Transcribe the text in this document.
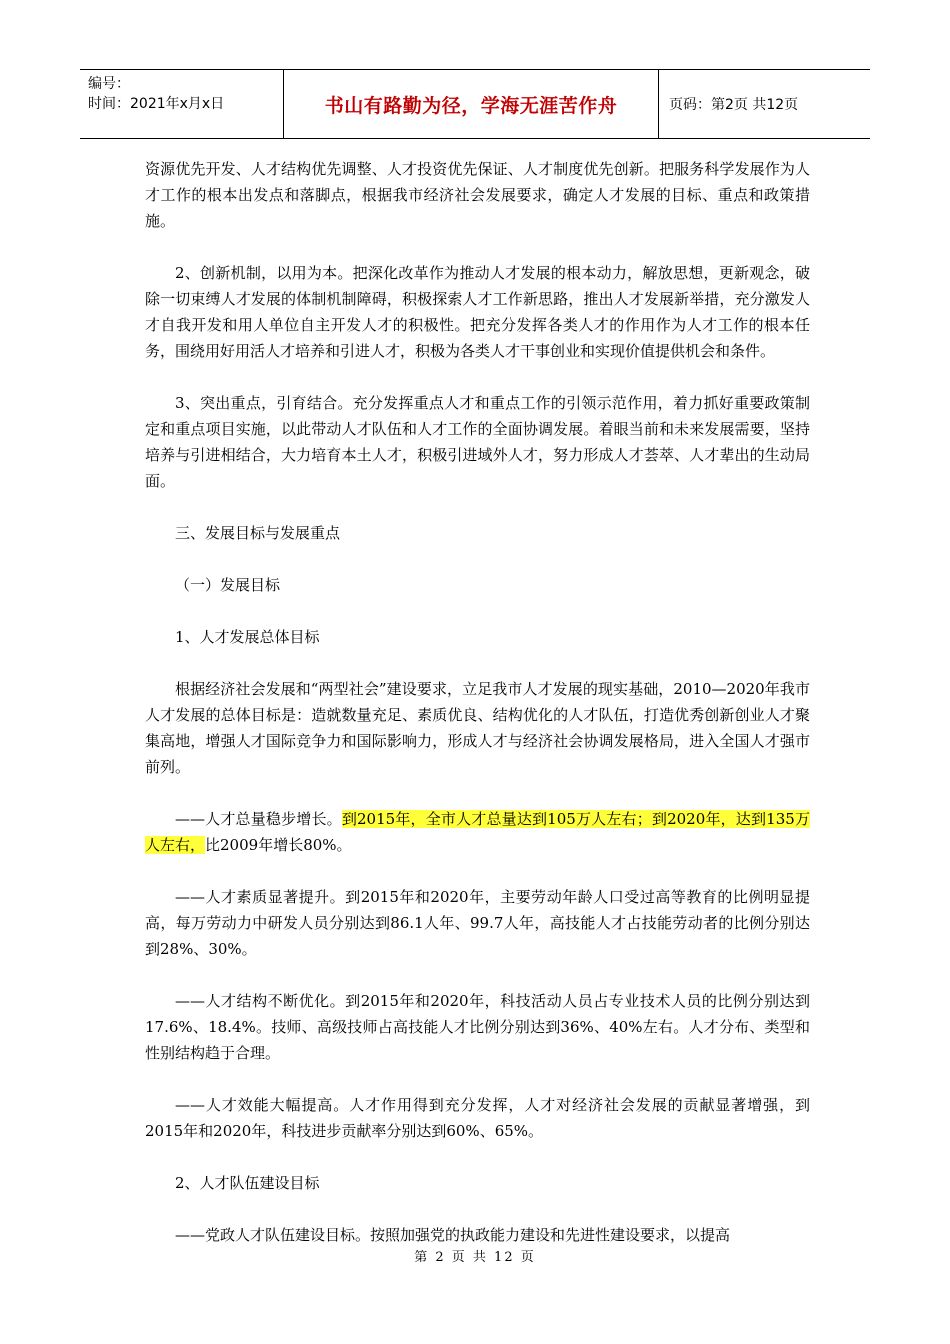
编号：
时间：2021年x月x日	书山有路勤为径，学海无涯苦作舟	页码：第2页 共12页

资源优先开发、人才结构优先调整、人才投资优先保证、人才制度优先创新。把服务科学发展作为人才工作的根本出发点和落脚点，根据我市经济社会发展要求，确定人才发展的目标、重点和政策措施。

2、创新机制，以用为本。把深化改革作为推动人才发展的根本动力，解放思想，更新观念，破除一切束缚人才发展的体制机制障碍，积极探索人才工作新思路，推出人才发展新举措，充分激发人才自我开发和用人单位自主开发人才的积极性。把充分发挥各类人才的作用作为人才工作的根本任务，围绕用好用活人才培养和引进人才，积极为各类人才干事创业和实现价值提供机会和条件。

3、突出重点，引育结合。充分发挥重点人才和重点工作的引领示范作用，着力抓好重要政策制定和重点项目实施，以此带动人才队伍和人才工作的全面协调发展。着眼当前和未来发展需要，坚持培养与引进相结合，大力培育本土人才，积极引进域外人才，努力形成人才荟萃、人才辈出的生动局面。

三、发展目标与发展重点

（一）发展目标

1、人才发展总体目标

根据经济社会发展和“两型社会”建设要求，立足我市人才发展的现实基础，2010—2020年我市人才发展的总体目标是：造就数量充足、素质优良、结构优化的人才队伍，打造优秀创新创业人才聚集高地，增强人才国际竞争力和国际影响力，形成人才与经济社会协调发展格局，进入全国人才强市前列。

——人才总量稳步增长。到2015年，全市人才总量达到105万人左右；到2020年，达到135万人左右，比2009年增长80%。

——人才素质显著提升。到2015年和2020年，主要劳动年龄人口受过高等教育的比例明显提高，每万劳动力中研发人员分别达到86.1人年、99.7人年，高技能人才占技能劳动者的比例分别达到28%、30%。

——人才结构不断优化。到2015年和2020年，科技活动人员占专业技术人员的比例分别达到17.6%、18.4%。技师、高级技师占高技能人才比例分别达到36%、40%左右。人才分布、类型和性别结构趋于合理。

——人才效能大幅提高。人才作用得到充分发挥，人才对经济社会发展的贡献显著增强，到2015年和2020年，科技进步贡献率分别达到60%、65%。

2、人才队伍建设目标

——党政人才队伍建设目标。按照加强党的执政能力建设和先进性建设要求，以提高

第 2 页 共 12 页
